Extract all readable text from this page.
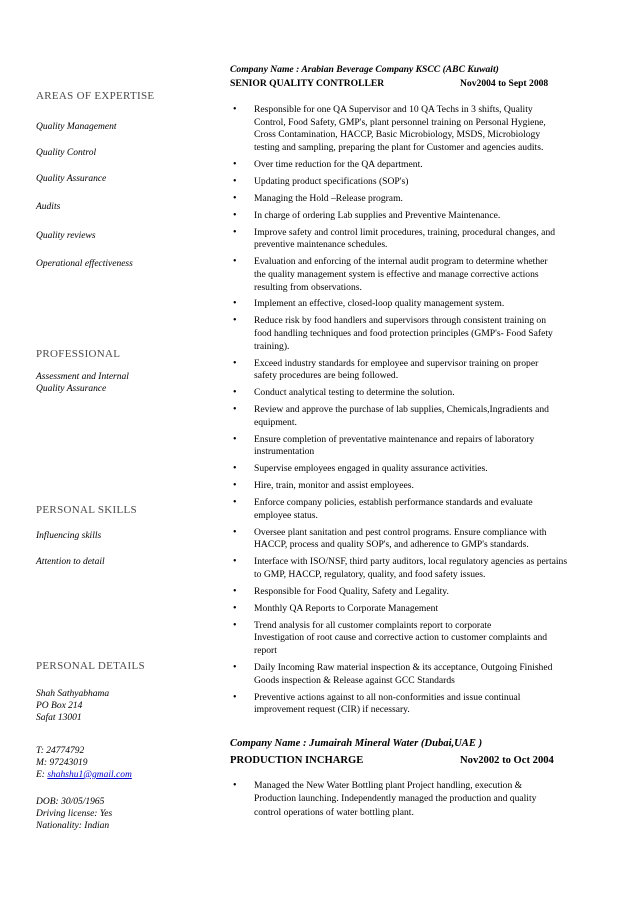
AREAS OF EXPERTISE
Quality Management
Quality Control
Quality Assurance
Audits
Quality reviews
Operational effectiveness
PROFESSIONAL
Assessment and Internal
Quality Assurance
PERSONAL SKILLS
Influencing skills
Attention to detail
PERSONAL DETAILS
Shah Sathyabhama
PO Box 214
Safat 13001
T: 24774792
M: 97243019
E: shahshu1@gmail.com
DOB: 30/05/1965
Driving license: Yes
Nationality: Indian
Company Name : Arabian Beverage Company KSCC (ABC Kuwait)
SENIOR QUALITY CONTROLLER	Nov2004 to Sept 2008
• Responsible for one QA Supervisor and 10 QA Techs in 3 shifts, Quality
Control, Food Safety, GMP's, plant personnel training on Personal Hygiene,
Cross Contamination, HACCP, Basic Microbiology, MSDS, Microbiology
testing and sampling, preparing the plant for Customer and agencies audits.
• Over time reduction for the QA department.
• Updating product specifications (SOP's)
• Managing the Hold –Release program.
• In charge of ordering Lab supplies and Preventive Maintenance.
• Improve safety and control limit procedures, training, procedural changes, and
preventive maintenance schedules.
• Evaluation and enforcing of the internal audit program to determine whether
the quality management system is effective and manage corrective actions
resulting from observations.
• Implement an effective, closed-loop quality management system.
• Reduce risk by food handlers and supervisors through consistent training on
food handling techniques and food protection principles (GMP's- Food Safety
training).
• Exceed industry standards for employee and supervisor training on proper
safety procedures are being followed.
• Conduct analytical testing to determine the solution.
• Review and approve the purchase of lab supplies, Chemicals,Ingradients and
equipment.
• Ensure completion of preventative maintenance and repairs of laboratory
instrumentation
• Supervise employees engaged in quality assurance activities.
• Hire, train, monitor and assist employees.
• Enforce company policies, establish performance standards and evaluate
employee status.
• Oversee plant sanitation and pest control programs. Ensure compliance with
HACCP, process and quality SOP's, and adherence to GMP's standards.
• Interface with ISO/NSF, third party auditors, local regulatory agencies as pertains
to GMP, HACCP, regulatory, quality, and food safety issues.
• Responsible for Food Quality, Safety and Legality.
• Monthly QA Reports to Corporate Management
• Trend analysis for all customer complaints report to corporate
Investigation of root cause and corrective action to customer complaints and
report
• Daily Incoming Raw material inspection & its acceptance, Outgoing Finished
Goods inspection & Release against GCC Standards
• Preventive actions against to all non-conformities and issue continual
improvement request (CIR) if necessary.
Company Name : Jumairah Mineral Water (Dubai,UAE )
PRODUCTION INCHARGE	Nov2002 to Oct 2004
• Managed the New Water Bottling plant Project handling, execution &
Production launching. Independently managed the production and quality
control operations of water bottling plant.
